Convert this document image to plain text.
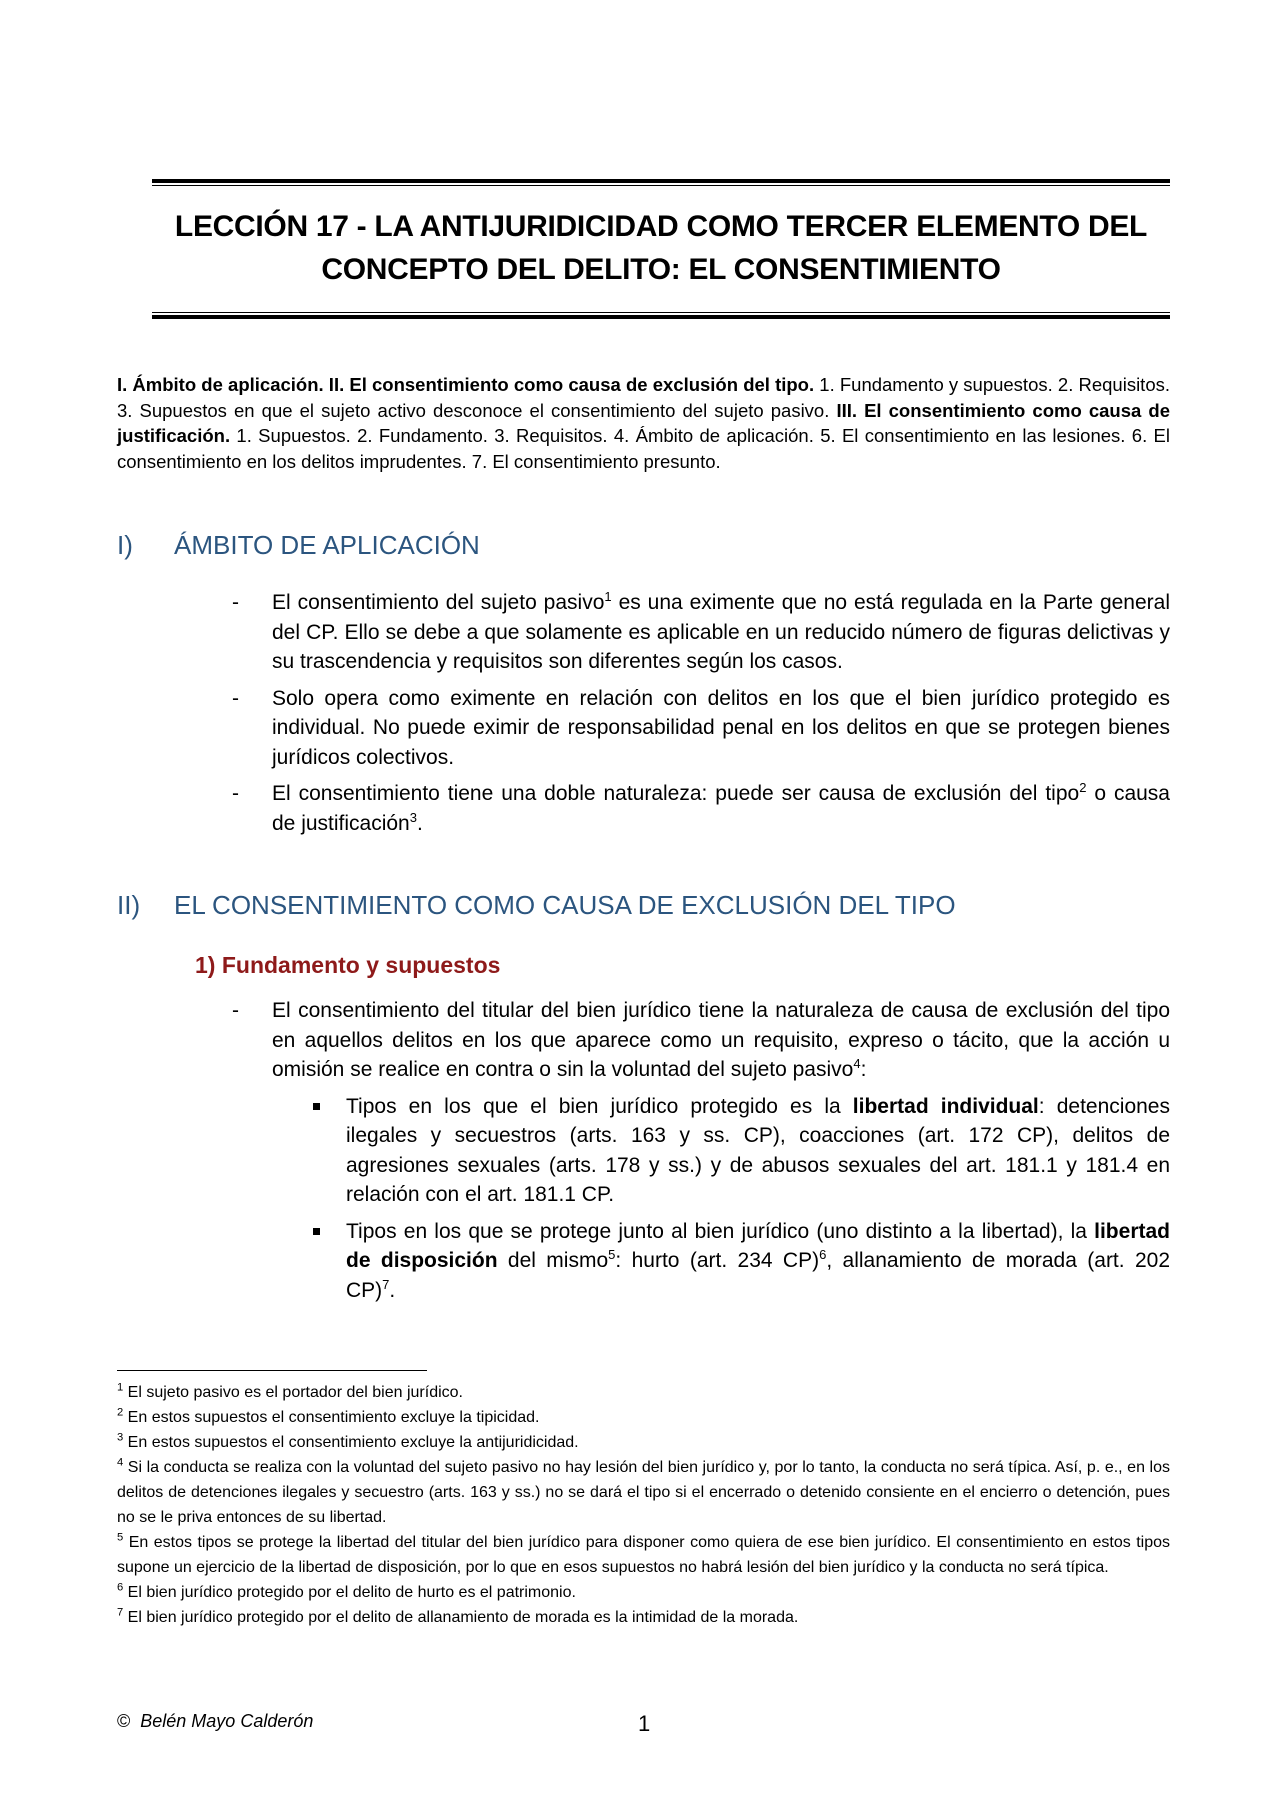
LECCIÓN 17 - LA ANTIJURIDICIDAD COMO TERCER ELEMENTO DEL
CONCEPTO DEL DELITO: EL CONSENTIMIENTO
I. Ámbito de aplicación. II. El consentimiento como causa de exclusión del tipo. 1. Fundamento y supuestos. 2. Requisitos. 3. Supuestos en que el sujeto activo desconoce el consentimiento del sujeto pasivo. III. El consentimiento como causa de justificación. 1. Supuestos. 2. Fundamento. 3. Requisitos. 4. Ámbito de aplicación. 5. El consentimiento en las lesiones. 6. El consentimiento en los delitos imprudentes. 7. El consentimiento presunto.
I) ÁMBITO DE APLICACIÓN
- El consentimiento del sujeto pasivo$^1$ es una eximente que no está regulada en la Parte general del CP. Ello se debe a que solamente es aplicable en un reducido número de figuras delictivas y su trascendencia y requisitos son diferentes según los casos.
- Solo opera como eximente en relación con delitos en los que el bien jurídico protegido es individual. No puede eximir de responsabilidad penal en los delitos en que se protegen bienes jurídicos colectivos.
- El consentimiento tiene una doble naturaleza: puede ser causa de exclusión del tipo$^2$ o causa de justificación$^3$.
II) EL CONSENTIMIENTO COMO CAUSA DE EXCLUSIÓN DEL TIPO
1) Fundamento y supuestos
- El consentimiento del titular del bien jurídico tiene la naturaleza de causa de exclusión del tipo en aquellos delitos en los que aparece como un requisito, expreso o tácito, que la acción u omisión se realice en contra o sin la voluntad del sujeto pasivo$^4$:
Tipos en los que el bien jurídico protegido es la libertad individual: detenciones ilegales y secuestros (arts. 163 y ss. CP), coacciones (art. 172 CP), delitos de agresiones sexuales (arts. 178 y ss.) y de abusos sexuales del art. 181.1 y 181.4 en relación con el art. 181.1 CP.
Tipos en los que se protege junto al bien jurídico (uno distinto a la libertad), la libertad de disposición del mismo$^5$: hurto (art. 234 CP)$^6$, allanamiento de morada (art. 202 CP)$^7$.

$^1$ El sujeto pasivo es el portador del bien jurídico.

$^2$ En estos supuestos el consentimiento excluye la tipicidad.

$^3$ En estos supuestos el consentimiento excluye la antijuridicidad.

$^4$ Si la conducta se realiza con la voluntad del sujeto pasivo no hay lesión del bien jurídico y, por lo tanto, la conducta no será típica. Así, p. e., en los delitos de detenciones ilegales y secuestro (arts. 163 y ss.) no se dará el tipo si el encerrado o detenido consiente en el encierro o detención, pues no se le priva entonces de su libertad.

$^5$ En estos tipos se protege la libertad del titular del bien jurídico para disponer como quiera de ese bien jurídico. El consentimiento en estos tipos supone un ejercicio de la libertad de disposición, por lo que en esos supuestos no habrá lesión del bien jurídico y la conducta no será típica.

$^6$ El bien jurídico protegido por el delito de hurto es el patrimonio.

$^7$ El bien jurídico protegido por el delito de allanamiento de morada es la intimidad de la morada.

© Belén Mayo Calderón	1
